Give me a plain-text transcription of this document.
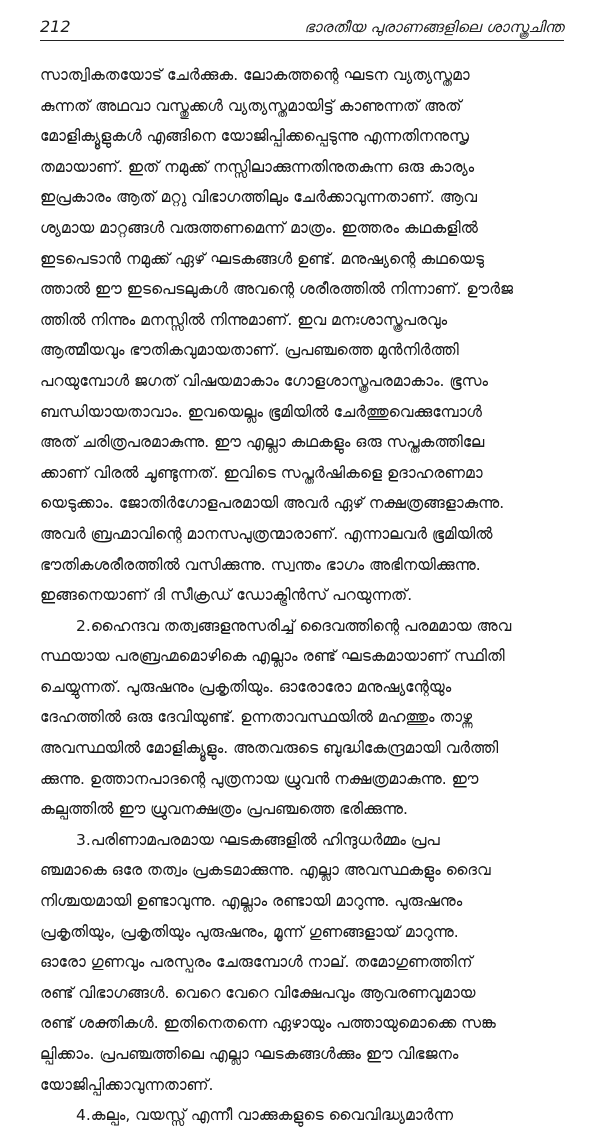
212	ഭാരതീയ പുരാണങ്ങളിലെ ശാസ്ത്രചിന്ത
സാത്വികതയോട് ചേർക്കുക. ലോകത്തന്റെ ഘടന വ്യത്യസ്തമാ
കുന്നത് അഥവാ വസ്തുക്കൾ വ്യത്യസ്തമായിട്ട് കാണുന്നത് അത്
മോളിക്യൂളുകൾ എങ്ങിനെ യോജിപ്പിക്കപ്പെടുന്നു എന്നതിനനുസൃ
തമായാണ്. ഇത് നമുക്ക് നസ്സിലാക്കുന്നതിനുതകുന്ന ഒരു കാര്യം
ഇപ്രകാരം ആത് മറ്റു വിഭാഗത്തിലും ചേർക്കാവുന്നതാണ്. ആവ
ശ്യമായ മാറ്റങ്ങൾ വരുത്തണമെന്ന് മാത്രം. ഇത്തരം കഥകളിൽ
ഇടപെടാൻ നമുക്ക് ഏഴ് ഘടകങ്ങൾ ഉണ്ട്. മനുഷ്യന്റെ കഥയെടു
ത്താൽ ഈ ഇടപെടലുകൾ അവന്റെ ശരീരത്തിൽ നിന്നാണ്. ഊർജ
ത്തിൽ നിന്നും മനസ്സിൽ നിന്നുമാണ്. ഇവ മനഃശാസ്ത്രപരവും
ആത്മീയവും ഭൗതികവുമായതാണ്. പ്രപഞ്ചത്തെ മുൻനിർത്തി
പറയുമ്പോൾ ജഗത് വിഷയമാകാം ഗോളശാസ്ത്രപരമാകാം. ഭൂസം
ബന്ധിയായതാവാം. ഇവയെല്ലം ഭൂമിയിൽ ചേർത്തുവെക്കുമ്പോൾ
അത് ചരിത്രപരമാകുന്നു. ഈ എല്ലാ കഥകളും ഒരു സപ്തകത്തിലേ
ക്കാണ് വിരൽ ചൂണ്ടുന്നത്. ഇവിടെ സപ്തർഷികളെ ഉദാഹരണമാ
യെടുക്കാം. ജോതിർഗോളപരമായി അവർ ഏഴ് നക്ഷത്രങ്ങളാകുന്നു.
അവർ ബ്രഹ്മാവിന്റെ മാനസപുത്രന്മാരാണ്. എന്നാലവർ ഭൂമിയിൽ
ഭൗതികശരീരത്തിൽ വസിക്കുന്നു. സ്വന്തം ഭാഗം അഭിനയിക്കുന്നു.
ഇങ്ങനെയാണ് ദി സീക്രഡ് ഡോക്ട്രിൻസ് പറയുന്നത്.
2.ഹൈന്ദവ തത്വങ്ങളനുസരിച്ച് ദൈവത്തിന്റെ പരമമായ അവ
സ്ഥയായ പരബ്രഹ്മമൊഴികെ എല്ലാം രണ്ട് ഘടകമായാണ് സ്ഥിതി
ചെയ്യുന്നത്. പുരുഷനും പ്രകൃതിയും. ഓരോരോ മനുഷ്യന്റേയും
ദേഹത്തിൽ ഒരു ദേവിയുണ്ട്. ഉന്നതാവസ്ഥയിൽ മഹത്തും താഴ്ന്ന
അവസ്ഥയിൽ മോളിക്യൂളും. അതവരുടെ ബുദ്ധികേന്ദ്രമായി വർത്തി
ക്കുന്നു. ഉത്താനപാദന്റെ പുത്രനായ ധ്രുവൻ നക്ഷത്രമാകുന്നു. ഈ
കല്പത്തിൽ ഈ ധ്രുവനക്ഷത്രം പ്രപഞ്ചത്തെ ഭരിക്കുന്നു.
3.പരിണാമപരമായ ഘടകങ്ങളിൽ ഹിന്ദുധർമ്മം പ്രപ
ഞ്ചമാകെ ഒരേ തത്വം പ്രകടമാക്കുന്നു. എല്ലാ അവസ്ഥകളും ദൈവ
നിശ്ചയമായി ഉണ്ടാവുന്നു. എല്ലാം രണ്ടായി മാറുന്നു. പുരുഷനും
പ്രകൃതിയും, പ്രകൃതിയും പുരുഷനും, മൂന്ന് ഗുണങ്ങളായ് മാറുന്നു.
ഓരോ ഗുണവും പരസ്പരം ചേരുമ്പോൾ നാല്. തമോഗുണത്തിന്
രണ്ട് വിഭാഗങ്ങൾ. വെറെ വേറെ വിക്ഷേപവും ആവരണവുമായ
രണ്ട് ശക്തികൾ. ഇതിനെതന്നെ ഏഴായും പത്തായുമൊക്കെ സങ്ക
ല്പിക്കാം. പ്രപഞ്ചത്തിലെ എല്ലാ ഘടകങ്ങൾക്കും ഈ വിഭജനം
യോജിപ്പിക്കാവുന്നതാണ്.
4.കല്പം, വയസ്സ് എന്നീ വാക്കുകളുടെ വൈവിദ്ധ്യമാർന്ന
